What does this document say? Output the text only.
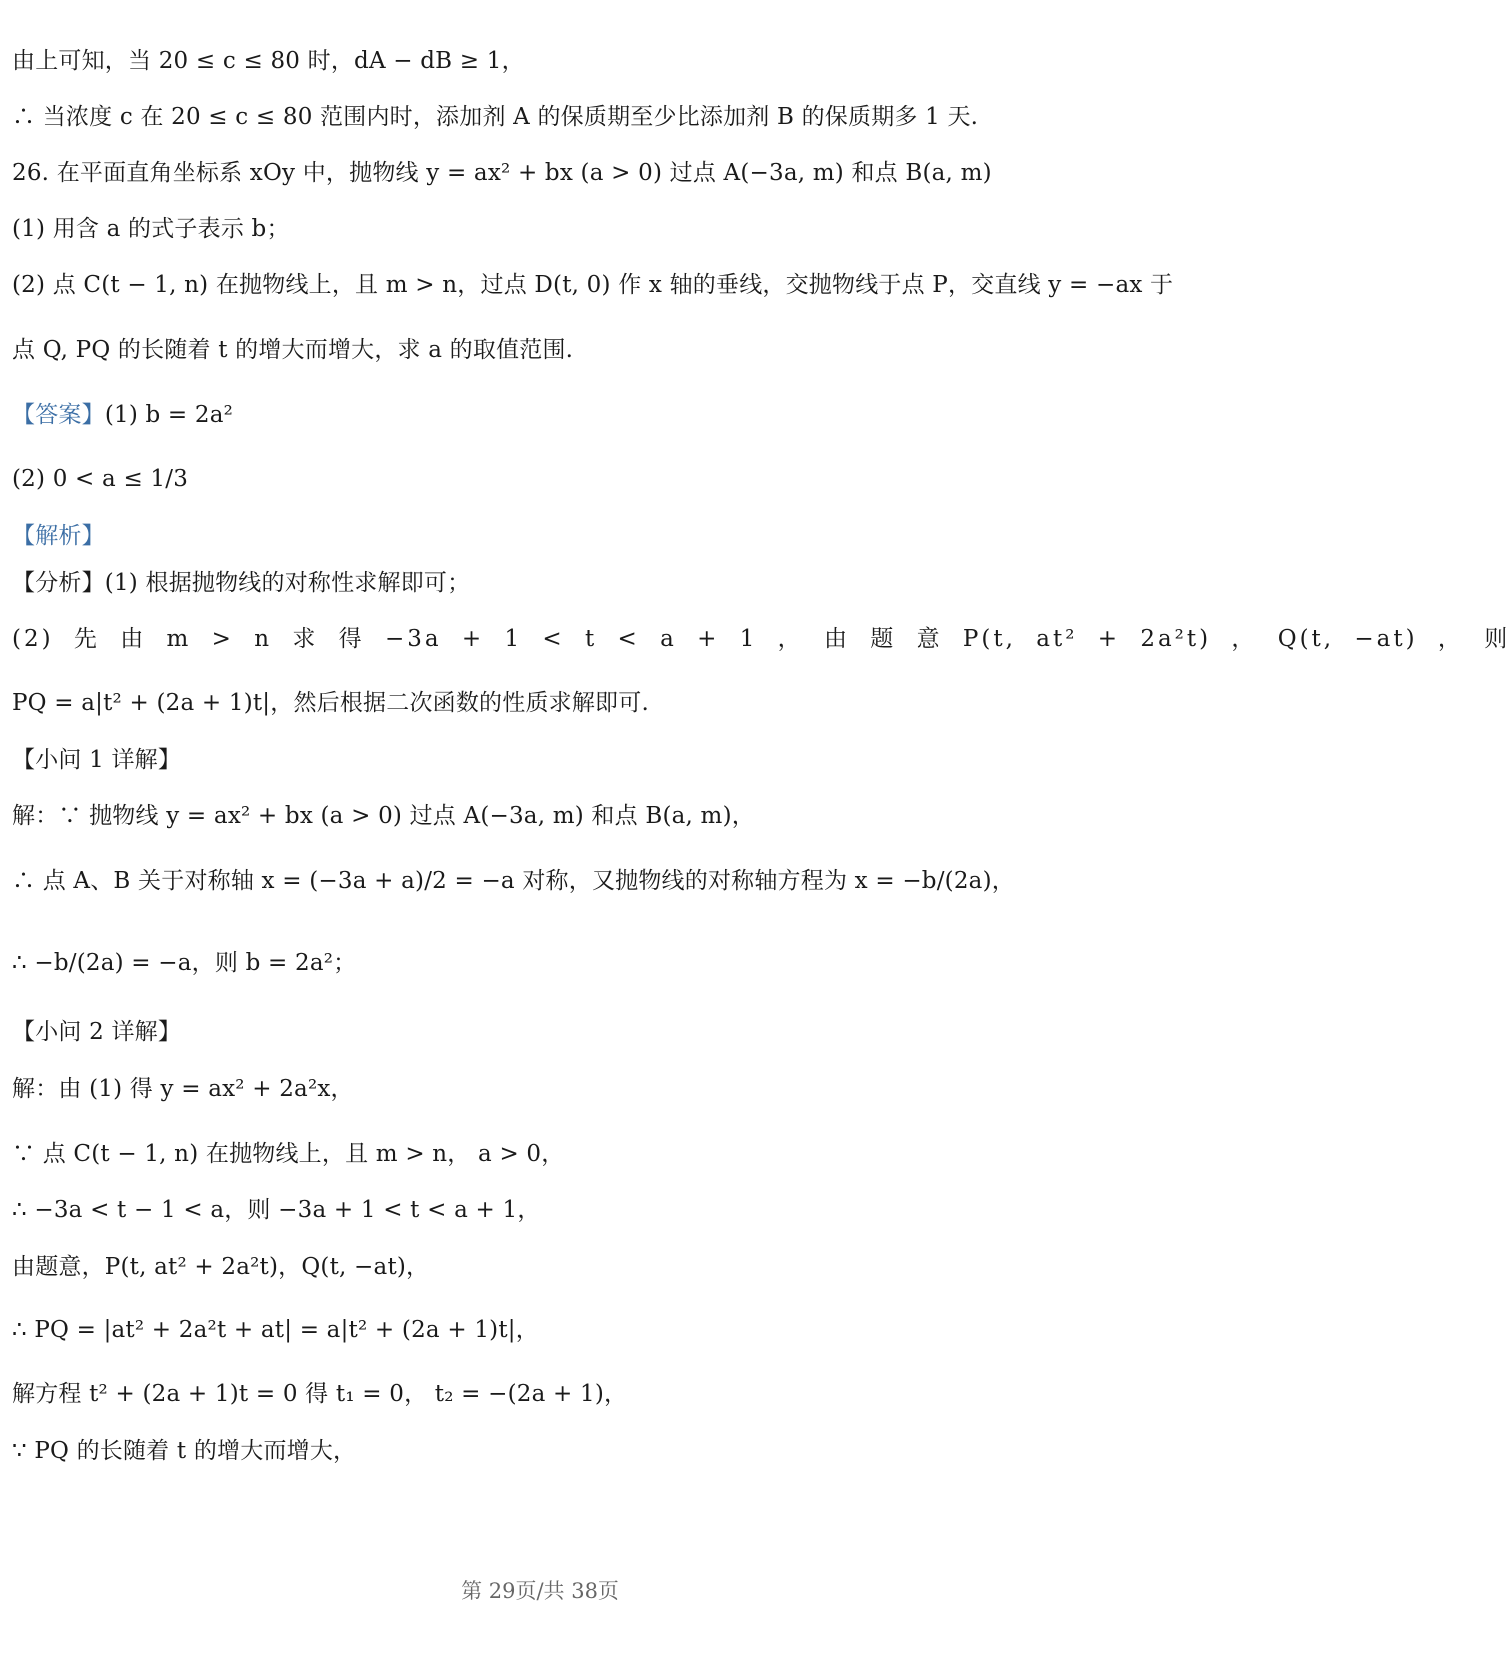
由上可知，当 20 ≤ c ≤ 80 时，dA − dB ≥ 1，
∴ 当浓度 c 在 20 ≤ c ≤ 80 范围内时，添加剂 A 的保质期至少比添加剂 B 的保质期多 1 天.
26. 在平面直角坐标系 xOy 中，抛物线 y = ax² + bx (a > 0) 过点 A(−3a, m) 和点 B(a, m)
(1) 用含 a 的式子表示 b；
(2) 点 C(t − 1, n) 在抛物线上，且 m > n，过点 D(t, 0) 作 x 轴的垂线，交抛物线于点 P，交直线 y = −ax 于
点 Q, PQ 的长随着 t 的增大而增大，求 a 的取值范围.
【答案】(1) b = 2a²
(2) 0 < a ≤ 1/3
【解析】
【分析】(1) 根据抛物线的对称性求解即可；
(2) 先 由 m > n 求 得 −3a + 1 < t < a + 1 ， 由 题 意 P(t, at² + 2a²t) ， Q(t, −at) ， 则
PQ = a|t² + (2a + 1)t|，然后根据二次函数的性质求解即可.
【小问 1 详解】
解：∵ 抛物线 y = ax² + bx (a > 0) 过点 A(−3a, m) 和点 B(a, m)，
∴ 点 A、B 关于对称轴 x = (−3a + a)/2 = −a 对称，又抛物线的对称轴方程为 x = −b/(2a)，
∴ −b/(2a) = −a，则 b = 2a²；
【小问 2 详解】
解：由 (1) 得 y = ax² + 2a²x，
∵ 点 C(t − 1, n) 在抛物线上，且 m > n， a > 0，
∴ −3a < t − 1 < a，则 −3a + 1 < t < a + 1，
由题意，P(t, at² + 2a²t)，Q(t, −at)，
∴ PQ = |at² + 2a²t + at| = a|t² + (2a + 1)t|，
解方程 t² + (2a + 1)t = 0 得 t₁ = 0， t₂ = −(2a + 1)，
∵ PQ 的长随着 t 的增大而增大，
第 29页/共 38页
